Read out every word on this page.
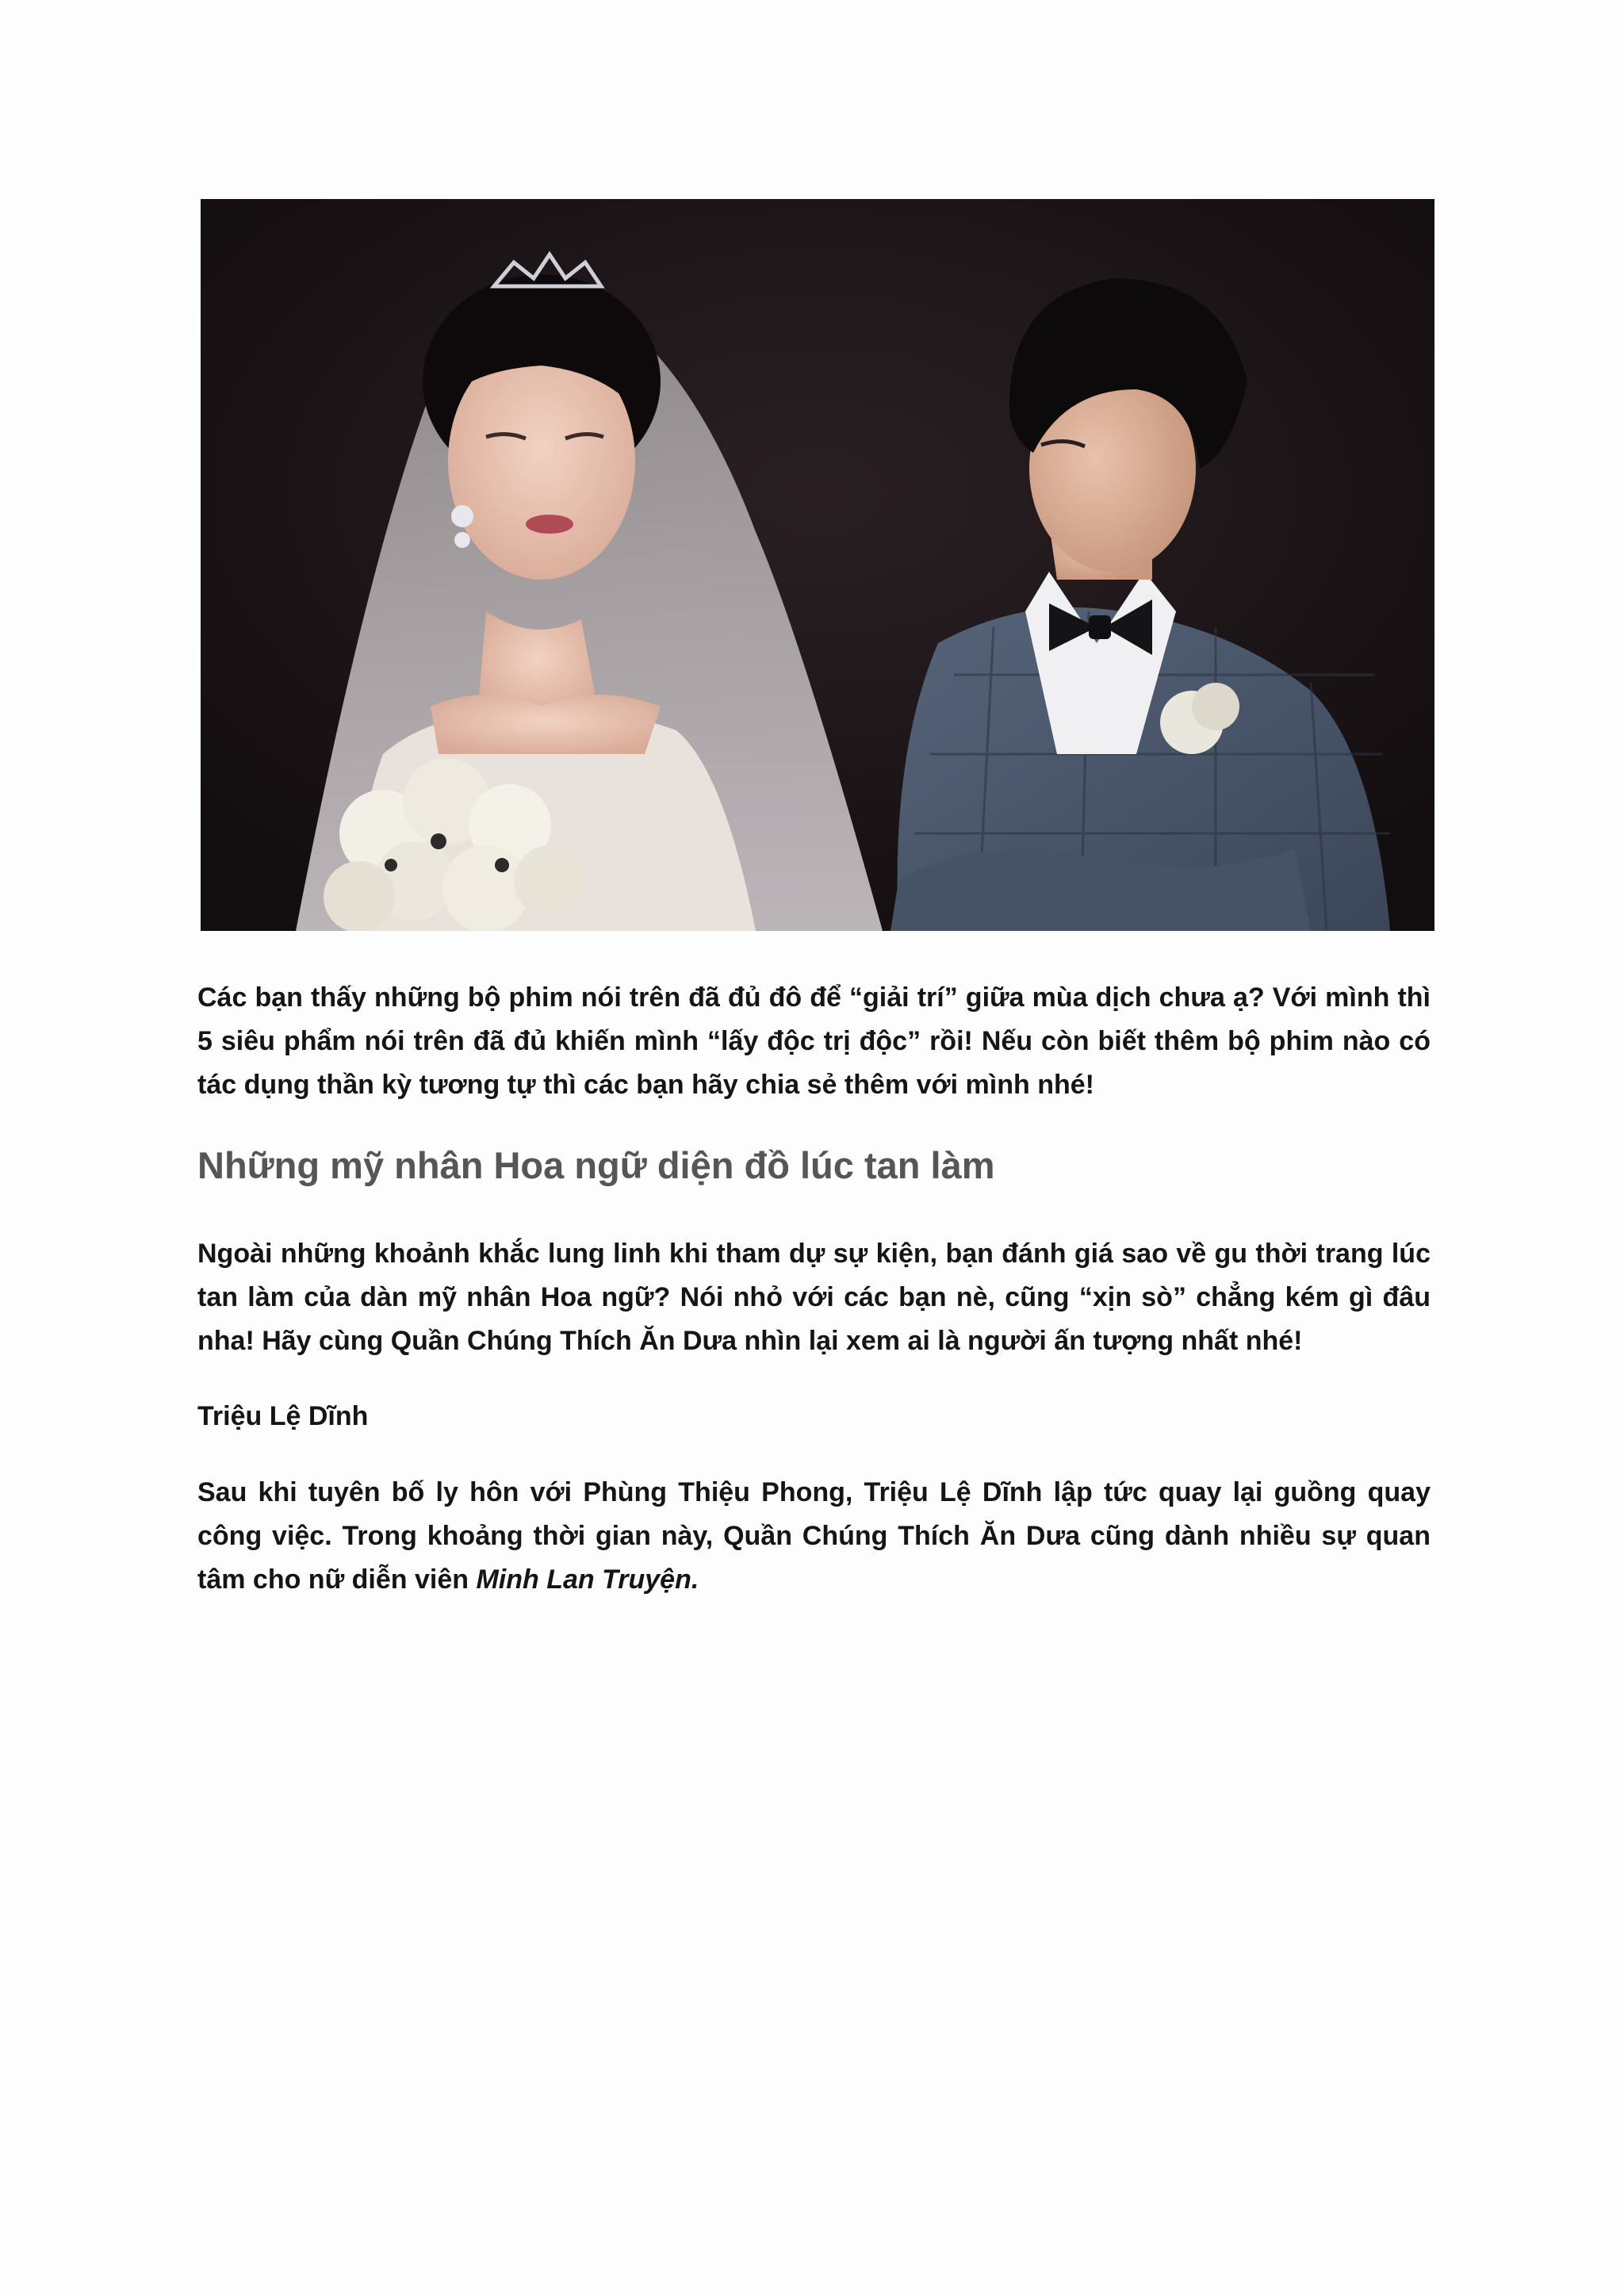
Các bạn thấy những bộ phim nói trên đã đủ đô để “giải trí” giữa mùa dịch chưa ạ? Với mình thì 5 siêu phẩm nói trên đã đủ khiến mình “lấy độc trị độc” rồi! Nếu còn biết thêm bộ phim nào có tác dụng thần kỳ tương tự thì các bạn hãy chia sẻ thêm với mình nhé!

Những mỹ nhân Hoa ngữ diện đồ lúc tan làm

Ngoài những khoảnh khắc lung linh khi tham dự sự kiện, bạn đánh giá sao về gu thời trang lúc tan làm của dàn mỹ nhân Hoa ngữ? Nói nhỏ với các bạn nè, cũng “xịn sò” chẳng kém gì đâu nha! Hãy cùng Quần Chúng Thích Ăn Dưa nhìn lại xem ai là người ấn tượng nhất nhé!

Triệu Lệ Dĩnh

Sau khi tuyên bố ly hôn với Phùng Thiệu Phong, Triệu Lệ Dĩnh lập tức quay lại guồng quay công việc. Trong khoảng thời gian này, Quần Chúng Thích Ăn Dưa cũng dành nhiều sự quan tâm cho nữ diễn viên Minh Lan Truyện.
